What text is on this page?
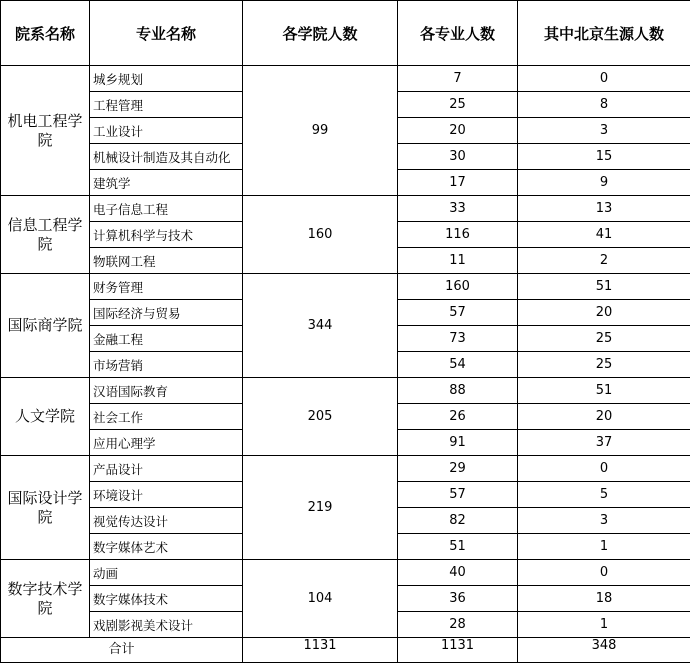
院系名称	专业名称	各学院人数	各专业人数	其中北京生源人数
机电工程学院	城乡规划	99	7	0
	工程管理		25	8
	工业设计		20	3
	机械设计制造及其自动化		30	15
	建筑学		17	9
信息工程学院	电子信息工程	160	33	13
	计算机科学与技术		116	41
	物联网工程		11	2
国际商学院	财务管理	344	160	51
	国际经济与贸易		57	20
	金融工程		73	25
	市场营销		54	25
人文学院	汉语国际教育	205	88	51
	社会工作		26	20
	应用心理学		91	37
国际设计学院	产品设计	219	29	0
	环境设计		57	5
	视觉传达设计		82	3
	数字媒体艺术		51	1
数字技术学院	动画	104	40	0
	数字媒体技术		36	18
	戏剧影视美术设计		28	1
合计		1131	1131	348
